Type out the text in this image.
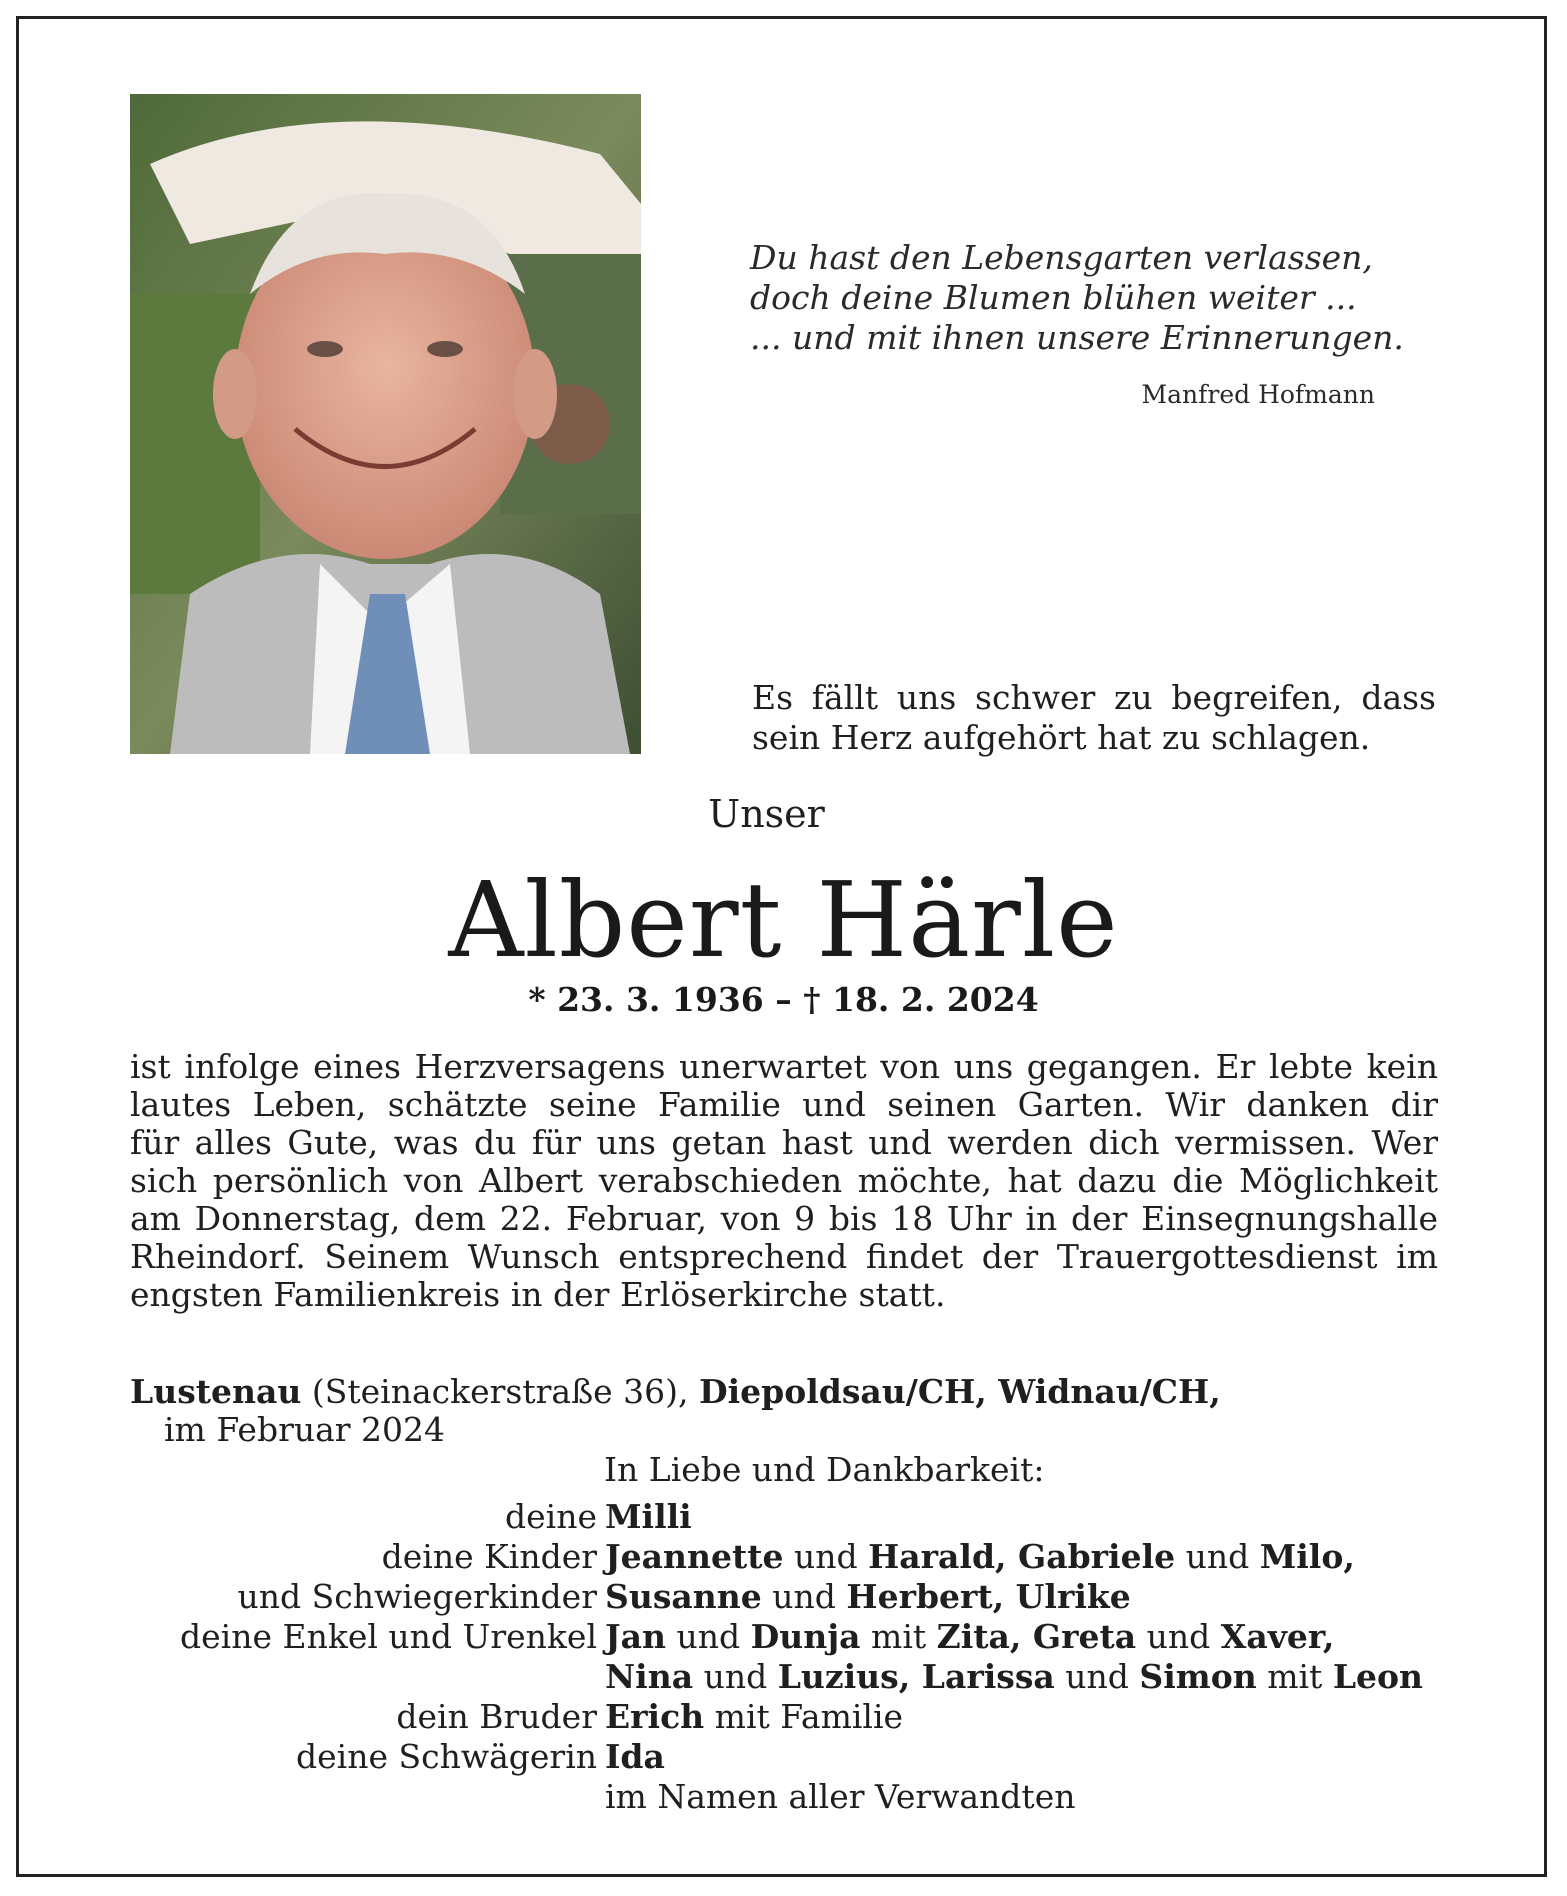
Du hast den Lebensgarten verlassen,
doch deine Blumen blühen weiter ...
... und mit ihnen unsere Erinnerungen.
Manfred Hofmann
Es fällt uns schwer zu begreifen, dass
sein Herz aufgehört hat zu schlagen.
Unser
Albert Härle
* 23. 3. 1936 – † 18. 2. 2024
ist infolge eines Herzversagens unerwartet von uns gegangen. Er lebte kein
lautes Leben, schätzte seine Familie und seinen Garten. Wir danken dir
für alles Gute, was du für uns getan hast und werden dich vermissen. Wer
sich persönlich von Albert verabschieden möchte, hat dazu die Möglichkeit
am Donnerstag, dem 22. Februar, von 9 bis 18 Uhr in der Einsegnungshalle
Rheindorf. Seinem Wunsch entsprechend findet der Trauergottesdienst im
engsten Familienkreis in der Erlöserkirche statt.
Lustenau (Steinackerstraße 36), Diepoldsau/CH, Widnau/CH,
im Februar 2024
In Liebe und Dankbarkeit:
deine Milli
deine Kinder Jeannette und Harald, Gabriele und Milo,
und Schwiegerkinder Susanne und Herbert, Ulrike
deine Enkel und Urenkel Jan und Dunja mit Zita, Greta und Xaver,
Nina und Luzius, Larissa und Simon mit Leon
dein Bruder Erich mit Familie
deine Schwägerin Ida
im Namen aller Verwandten
